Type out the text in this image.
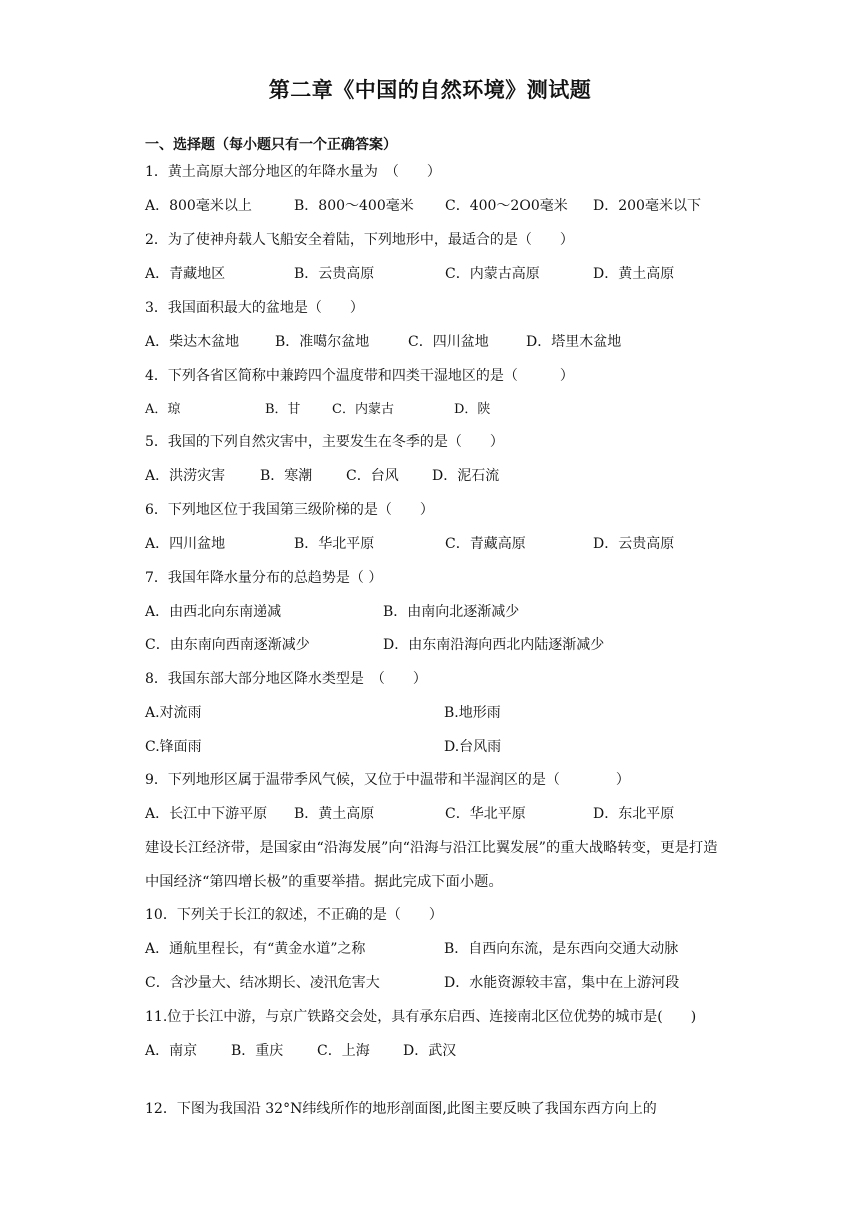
第二章《中国的自然环境》测试题
一、选择题（每小题只有一个正确答案）
1．黄土高原大部分地区的年降水量为　（　　）
A．800毫米以上	B．800～400毫米 C．400～2O0毫米 D．200毫米以下
2．为了使神舟载人飞船安全着陆，下列地形中，最适合的是（　　）
A．青藏地区	B．云贵高原	C．内蒙古高原	D．黄土高原
3．我国面积最大的盆地是（　　）
A．柴达木盆地	B．准噶尔盆地	C．四川盆地	D．塔里木盆地
4．下列各省区简称中兼跨四个温度带和四类干湿地区的是（　　　）
A．琼	B．甘 C．内蒙古	D．陕
5．我国的下列自然灾害中，主要发生在冬季的是（　　）
A．洪涝灾害 B．寒潮 C．台风 D．泥石流
6．下列地区位于我国第三级阶梯的是（　　）
A．四川盆地	B．华北平原	C．青藏高原	D．云贵高原
7．我国年降水量分布的总趋势是（ ）
A．由西北向东南递减	B．由南向北逐渐减少
C．由东南向西南逐渐减少	D．由东南沿海向西北内陆逐渐减少
8．我国东部大部分地区降水类型是　（　　）
A.对流雨	B.地形雨
C.锋面雨	D.台风雨
9．下列地形区属于温带季风气候，又位于中温带和半湿润区的是（　　　　）
A．长江中下游平原 B．黄土高原	C．华北平原	D．东北平原
建设长江经济带，是国家由“沿海发展”向“沿海与沿江比翼发展”的重大战略转变，更是打造中国经济“第四增长极”的重要举措。据此完成下面小题。
10．下列关于长江的叙述，不正确的是（　　）
A．通航里程长，有“黄金水道”之称	B．自西向东流，是东西向交通大动脉
C．含沙量大、结冰期长、凌汛危害大	D．水能资源较丰富，集中在上游河段
11.位于长江中游，与京广铁路交会处，具有承东启西、连接南北区位优势的城市是(　　)
A．南京 B．重庆 C．上海 D．武汉
12．下图为我国沿 32°N纬线所作的地形剖面图,此图主要反映了我国东西方向上的
